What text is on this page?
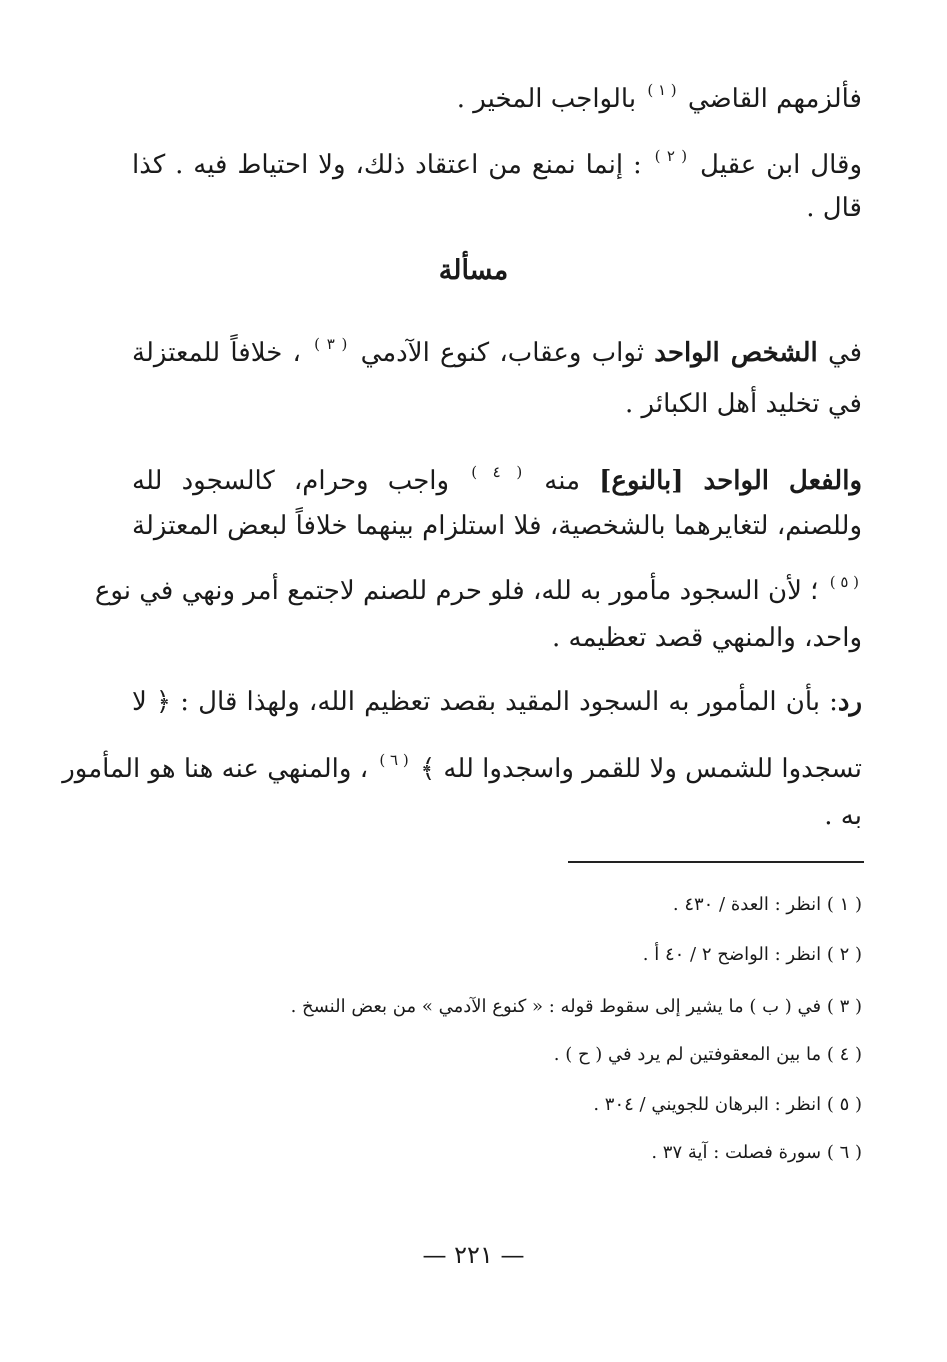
فألزمهم القاضي $^{( ١ )}$ بالواجب المخير .
وقال ابن عقيل $^{( ٢ )}$ : إنما نمنع من اعتقاد ذلك، ولا احتياط فيه . كذا
قال .
مسألة
في الشخص الواحد ثواب وعقاب، كنوع الآدمي $^{( ٣ )}$ ، خلافاً للمعتزلة
في تخليد أهل الكبائر .
والفعل الواحد [بالنوع] منه $^{( ٤ )}$ واجب وحرام، كالسجود لله
وللصنم، لتغايرهما بالشخصية، فلا استلزام بينهما خلافاً لبعض المعتزلة
$^{( ٥ )}$ ؛ لأن السجود مأمور به لله، فلو حرم للصنم لاجتمع أمر ونهي في نوع
واحد، والمنهي قصد تعظيمه .
رد: بأن المأمور به السجود المقيد بقصد تعظيم الله، ولهذا قال : ﴿ لا
تسجدوا للشمس ولا للقمر واسجدوا لله ﴾ $^{( ٦ )}$ ، والمنهي عنه هنا هو المأمور
به .
( ١ ) انظر : العدة / ٤٣٠ .
( ٢ ) انظر : الواضح ٢ / ٤٠ أ .
( ٣ ) في ( ب ) ما يشير إلى سقوط قوله : « كنوع الآدمي » من بعض النسخ .
( ٤ ) ما بين المعقوفتين لم يرد في ( ح ) .
( ٥ ) انظر : البرهان للجويني / ٣٠٤ .
( ٦ ) سورة فصلت : آية ٣٧ .
— ٢٢١ —
